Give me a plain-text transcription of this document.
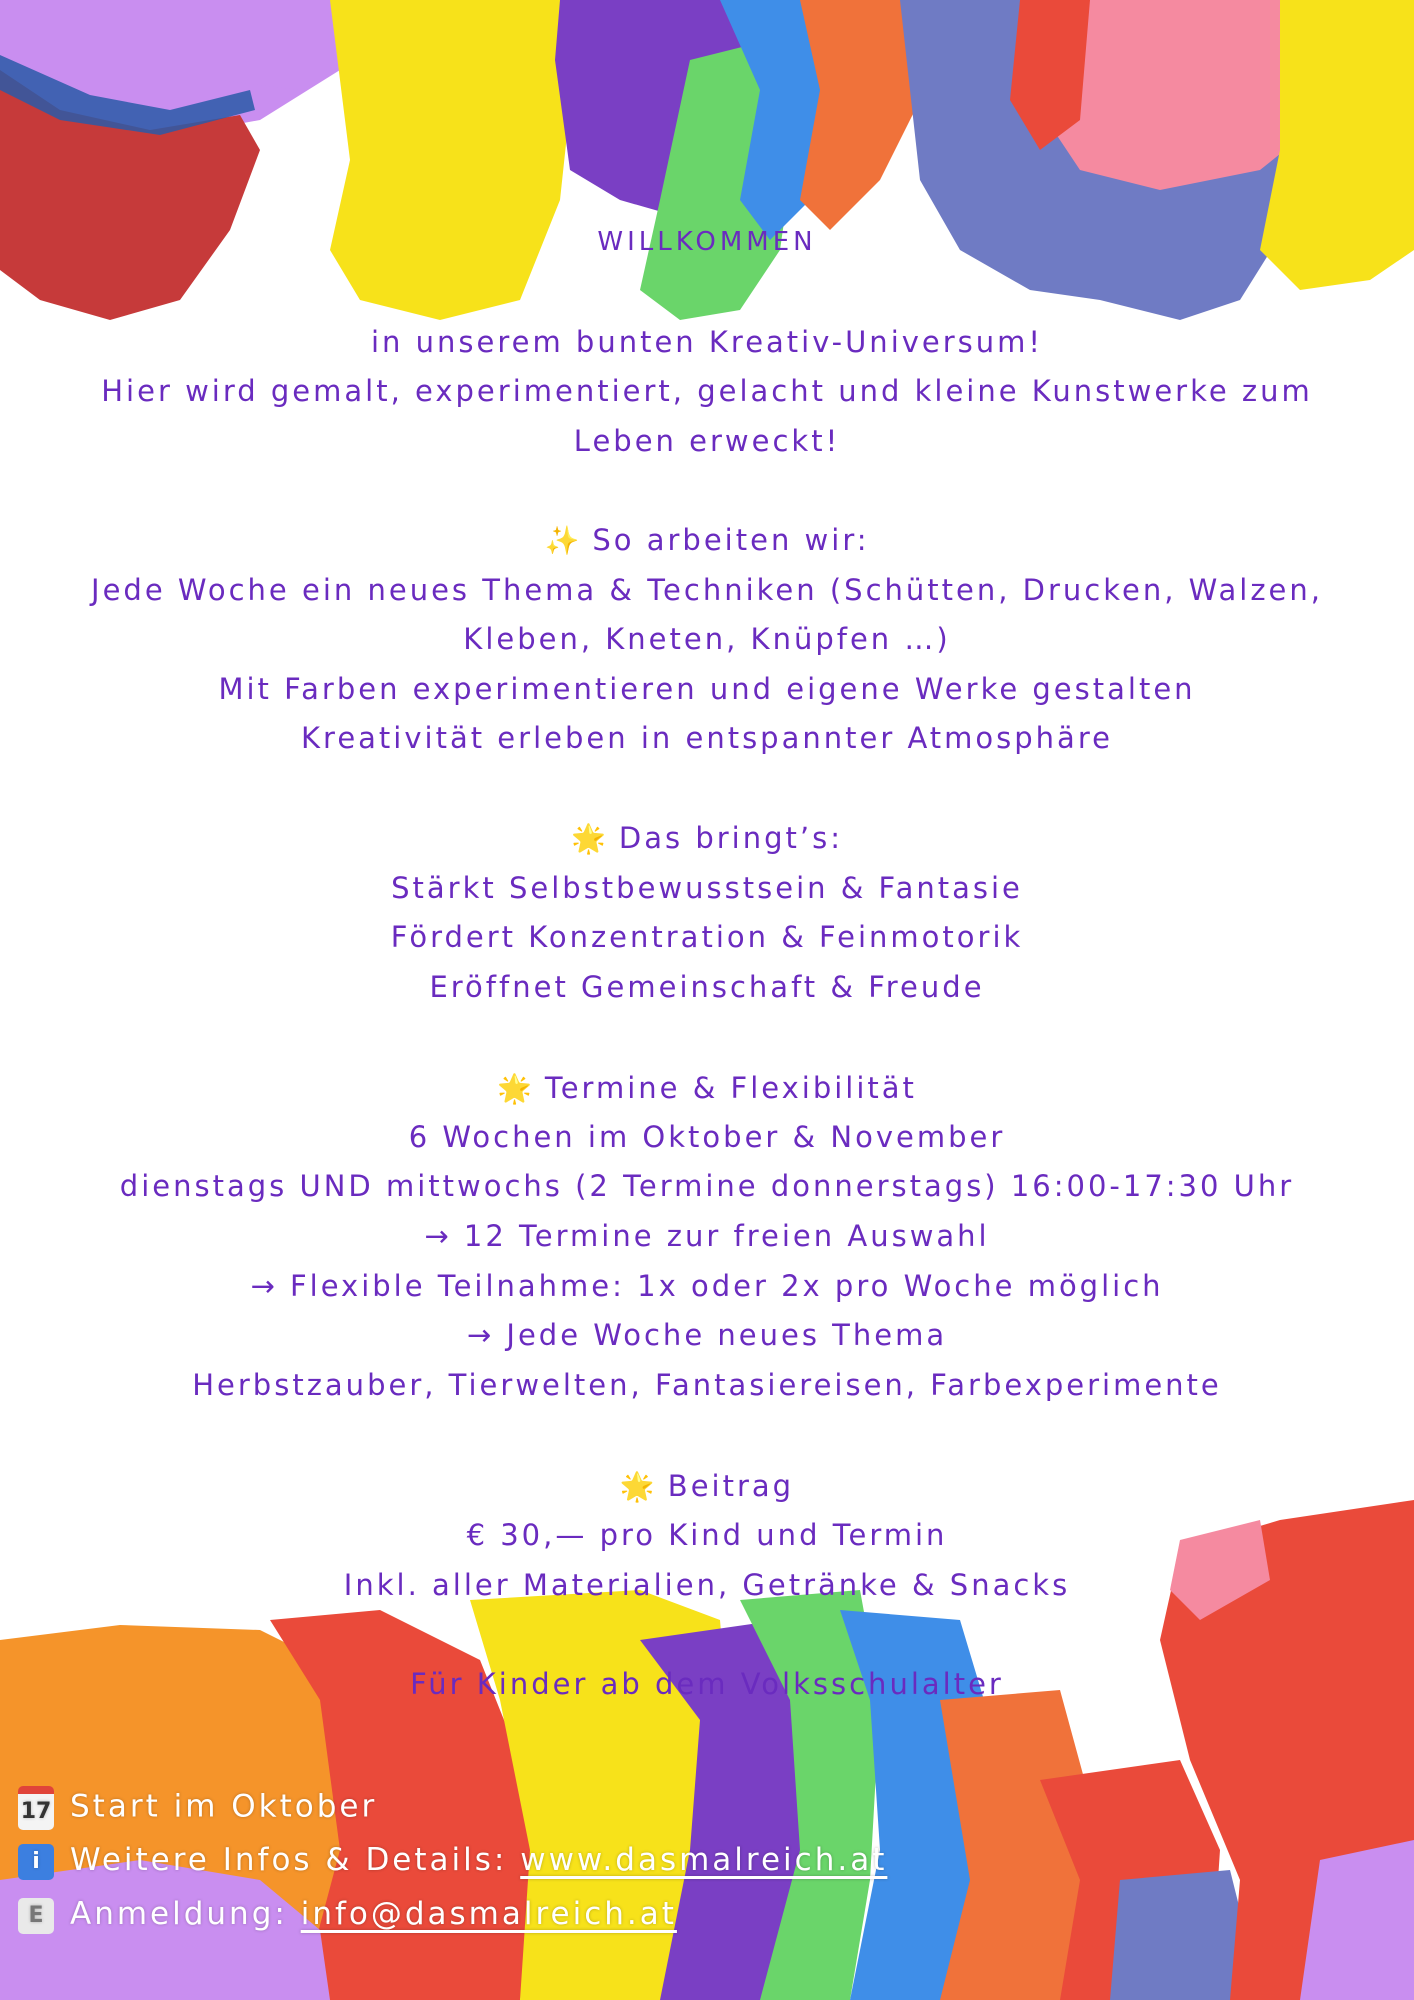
WILLKOMMEN
in unserem bunten Kreativ-Universum!
Hier wird gemalt, experimentiert, gelacht und kleine Kunstwerke zum
Leben erweckt!
✨ So arbeiten wir:
Jede Woche ein neues Thema & Techniken (Schütten, Drucken, Walzen,
Kleben, Kneten, Knüpfen …)
Mit Farben experimentieren und eigene Werke gestalten
Kreativität erleben in entspannter Atmosphäre
🌟 Das bringt’s:
Stärkt Selbstbewusstsein & Fantasie
Fördert Konzentration & Feinmotorik
Eröffnet Gemeinschaft & Freude
🌟 Termine & Flexibilität
6 Wochen im Oktober & November
dienstags UND mittwochs (2 Termine donnerstags) 16:00-17:30 Uhr
→ 12 Termine zur freien Auswahl
→ Flexible Teilnahme: 1x oder 2x pro Woche möglich
→ Jede Woche neues Thema
Herbstzauber, Tierwelten, Fantasiereisen, Farbexperimente
🌟 Beitrag
€ 30,— pro Kind und Termin
Inkl. aller Materialien, Getränke & Snacks
Für Kinder ab dem Volksschulalter
17 Start im Oktober
i Weitere Infos & Details: www.dasmalreich.at
E Anmeldung: info@dasmalreich.at
